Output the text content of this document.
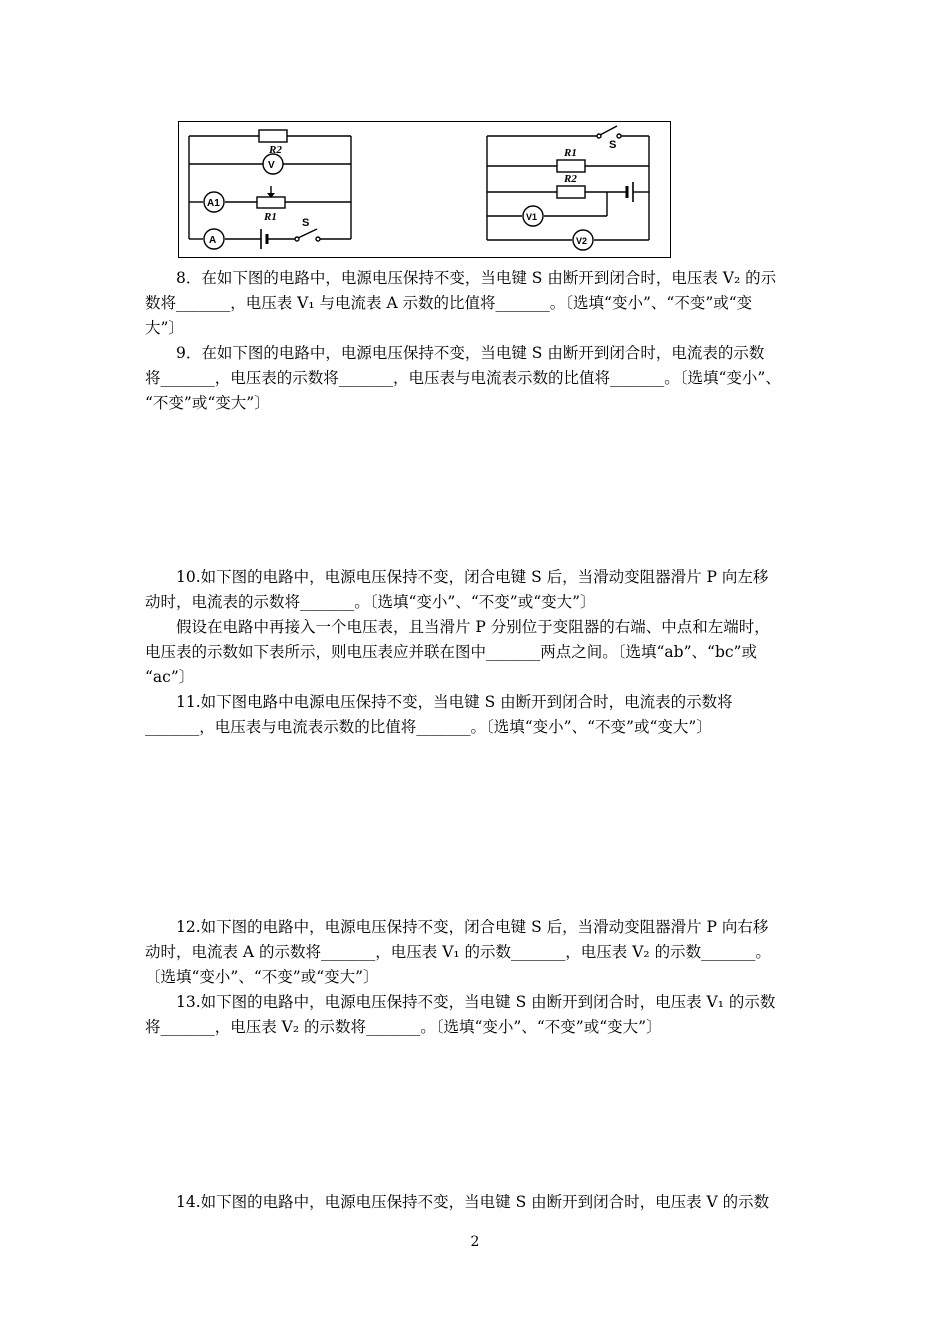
R2
V
A1
R1
A
S
S
R1
R2
V1
V2

8．在如下图的电路中，电源电压保持不变，当电键 S 由断开到闭合时，电压表 V₂ 的示

数将_______，电压表 V₁ 与电流表 A 示数的比值将_______。〔选填“变小”、“不变”或“变

大”〕

9．在如下图的电路中，电源电压保持不变，当电键 S 由断开到闭合时，电流表的示数

将_______，电压表的示数将_______，电压表与电流表示数的比值将_______。〔选填“变小”、

“不变”或“变大”〕

10.如下图的电路中，电源电压保持不变，闭合电键 S 后，当滑动变阻器滑片 P 向左移

动时，电流表的示数将_______。〔选填“变小”、“不变”或“变大”〕

假设在电路中再接入一个电压表，且当滑片 P 分别位于变阻器的右端、中点和左端时，

电压表的示数如下表所示，则电压表应并联在图中_______两点之间。〔选填“ab”、“bc”或

“ac”〕

11.如下图电路中电源电压保持不变，当电键 S 由断开到闭合时，电流表的示数将

_______，电压表与电流表示数的比值将_______。〔选填“变小”、“不变”或“变大”〕

12.如下图的电路中，电源电压保持不变，闭合电键 S 后，当滑动变阻器滑片 P 向右移

动时，电流表 A 的示数将_______，电压表 V₁ 的示数_______，电压表 V₂ 的示数_______。

〔选填“变小”、“不变”或“变大”〕

13.如下图的电路中，电源电压保持不变，当电键 S 由断开到闭合时，电压表 V₁ 的示数

将_______，电压表 V₂ 的示数将_______。〔选填“变小”、“不变”或“变大”〕

14.如下图的电路中，电源电压保持不变，当电键 S 由断开到闭合时，电压表 V 的示数

2
